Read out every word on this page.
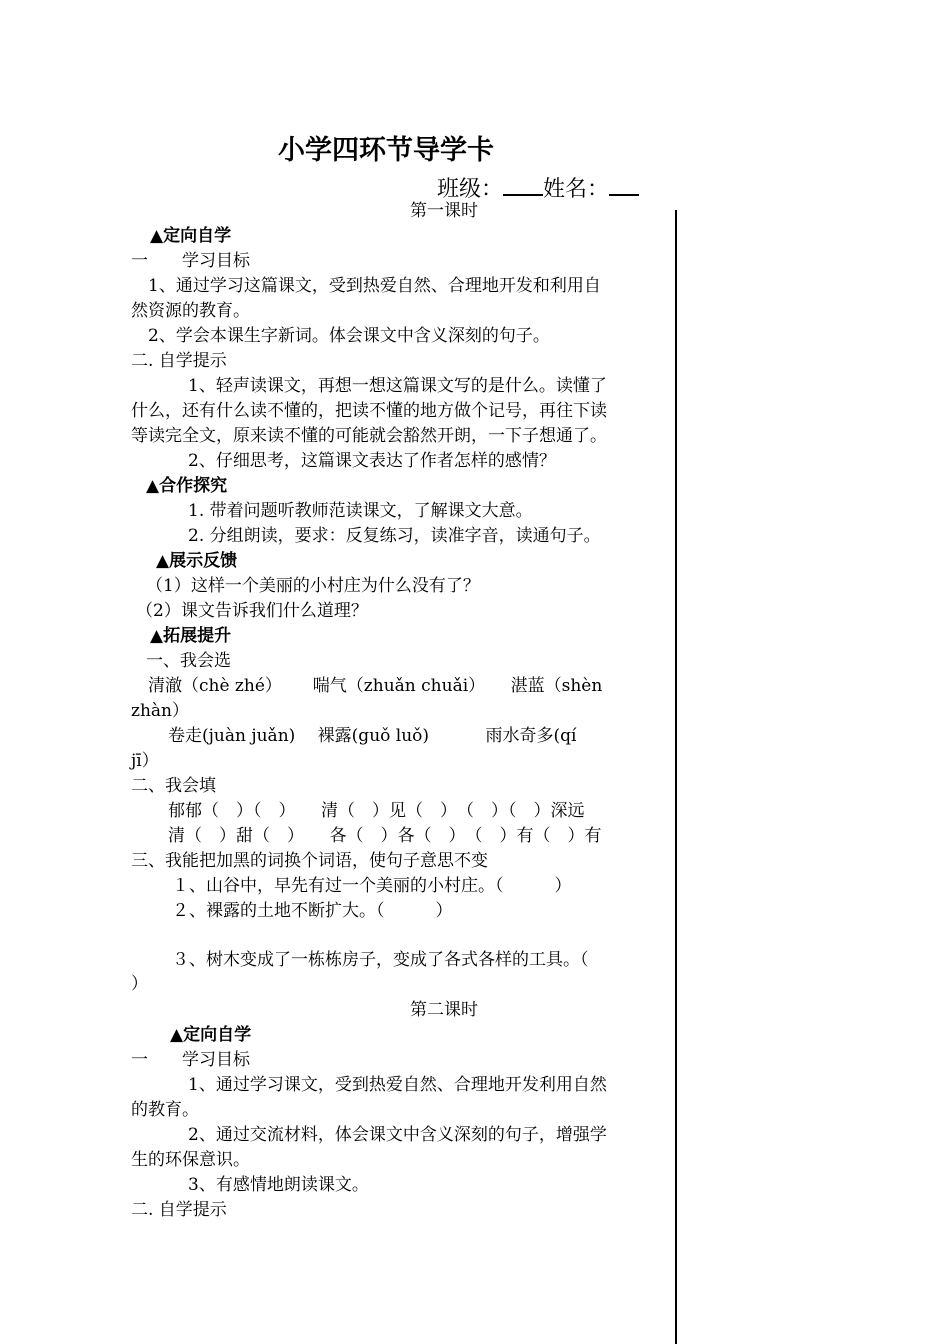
小学四环节导学卡
班级： 姓名：
第一课时
▲定向自学
一　　学习目标
1、通过学习这篇课文，受到热爱自然、合理地开发和利用自
然资源的教育。
2、学会本课生字新词。体会课文中含义深刻的句子。
二. 自学提示
1、轻声读课文，再想一想这篇课文写的是什么。读懂了
什么，还有什么读不懂的，把读不懂的地方做个记号，再往下读
等读完全文，原来读不懂的可能就会豁然开朗，一下子想通了。
2、仔细思考，这篇课文表达了作者怎样的感情？
▲合作探究
1. 带着问题听教师范读课文，了解课文大意。
2. 分组朗读，要求：反复练习，读准字音，读通句子。
▲展示反馈
（1）这样一个美丽的小村庄为什么没有了？
（2）课文告诉我们什么道理？
▲拓展提升
一、我会选
清澈（chè zhé）　　 喘气（zhuǎn chuǎi）　　湛蓝（shèn
zhàn）
卷走(juàn juǎn)　 裸露(guǒ luǒ)　　　 雨水奇多(qí
jī）
二、我会填
郁郁（　）（　）　　清（　）见（　）　（　）（　）深远
清（　）甜（　）　　各（　）各（　）　（　）有（　）有
三、我能把加黑的词换个词语，使句子意思不变
１、山谷中，早先有过一个美丽的小村庄。（　　　）
２、裸露的土地不断扩大。（　　　）
３、树木变成了一栋栋房子，变成了各式各样的工具。（
）
第二课时
▲定向自学
一　　学习目标
1、通过学习课文，受到热爱自然、合理地开发利用自然
的教育。
2、通过交流材料，体会课文中含义深刻的句子，增强学
生的环保意识。
3、有感情地朗读课文。
二. 自学提示
